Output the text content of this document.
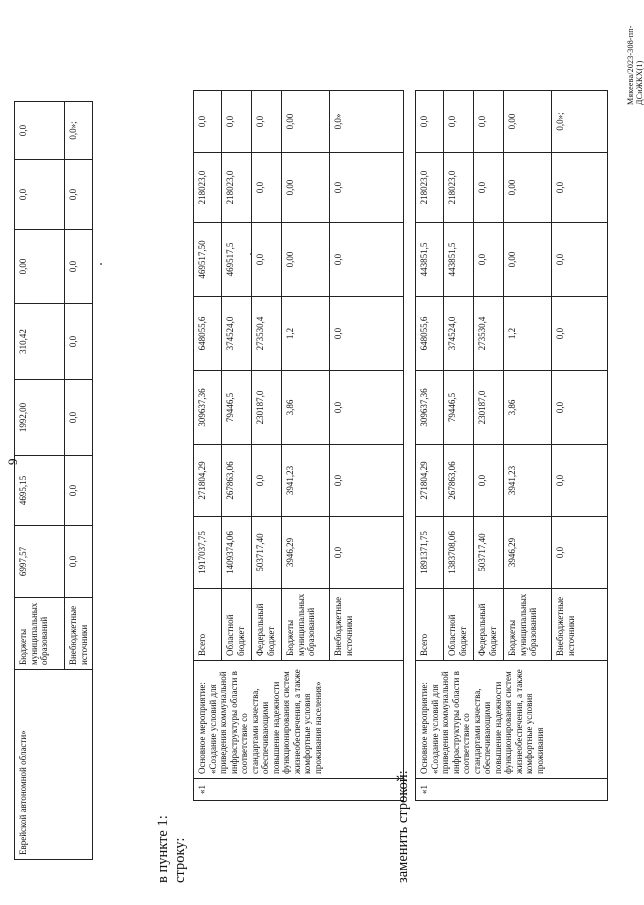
Еврейской автономной области»	Бюджеты муниципальных образований	6997,57	4695,15	1992,00	310,42	0,00	0,0	0,0
	Внебюджетные источники	0,0	0,0	0,0	0,0	0,0	0,0	0,0»;
9
в пункте 1: строку:
«1	Основное мероприятие: «Создание условий для приведения коммунальной инфраструктуры области в соответствие со стандартами качества, обеспечивающими повышение надежности функционирования систем жизнеобеспечения, а также комфортные условия проживания населения»	Всего	1917037,75	271804,29	309637,36	648055,6	469517,50	218023,0	0,0
		Областной бюджет	1409374,06	267863,06	79446,5	374524,0	469517,5	218023,0	0,0
		Федеральный бюджет	503717,40	0,0	230187,0	273530,4	0,0	0,0	0,0
		Бюджеты муниципальных образований	3946,29	3941,23	3,86	1,2	0,00	0,00	0,00
		Внебюджетные источники	0,0	0,0	0,0	0,0	0,0	0,0	0,0»
заменить строкой: «1	Основное мероприятие: «Создание условий для приведения коммунальной инфраструктуры области в соответствие со стандартами качества, обеспечивающими повышение надежности функционирования систем жизнеобеспечения, а также комфортные условия проживания	Всего	1891371,75	271804,29	309637,36	648055,6	443851,5	218023,0	0,0
		Областной бюджет	1383708,06	267863,06	79446,5	374524,0	443851,5	218023,0	0,0
		Федеральный бюджет	503717,40	0,0	230187,0	273530,4	0,0	0,0	0,0
		Бюджеты муниципальных образований	3946,29	3941,23	3,86	1,2	0,00	0,00	0,00
		Внебюджетные источники	0,0	0,0	0,0	0,0	0,0	0,0	0,0»;
Мякеева/2023-308-пп-ДСиЖКХ(1)
